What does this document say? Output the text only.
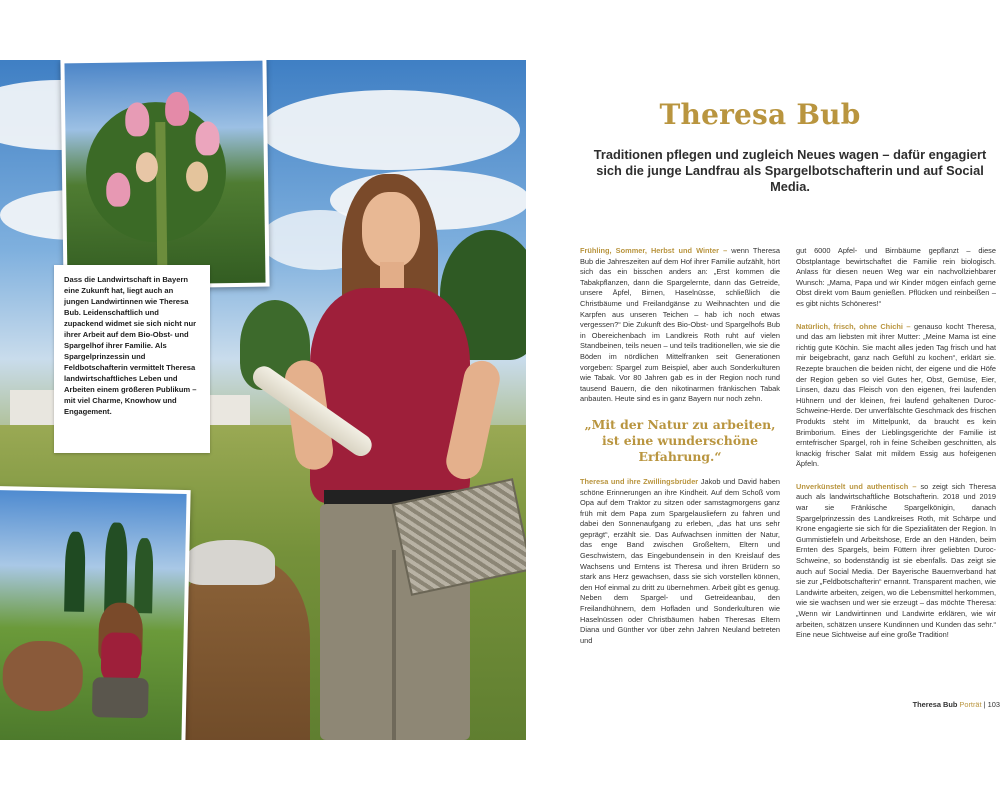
Dass die Landwirtschaft in Bayern eine Zukunft hat, liegt auch an jungen Landwirtinnen wie Theresa Bub. Leidenschaftlich und zupackend widmet sie sich nicht nur ihrer Arbeit auf dem Bio-Obst- und Spargelhof ihrer Familie. Als Spargelprinzessin und Feldbotschafterin vermittelt Theresa landwirtschaftliches Leben und Arbeiten einem größeren Publikum – mit viel Charme, Knowhow und Engagement.
Theresa Bub
Traditionen pflegen und zugleich Neues wagen – dafür engagiert sich die junge Landfrau als Spargelbotschafterin und auf Social Media.

Frühling, Sommer, Herbst und Winter – wenn Theresa Bub die Jahreszeiten auf dem Hof ihrer Familie aufzählt, hört sich das ein bisschen anders an: „Erst kommen die Tabakpflanzen, dann die Spargelernte, dann das Getreide, unsere Äpfel, Birnen, Haselnüsse, schließlich die Christbäume und Freilandgänse zu Weihnachten und die Karpfen aus unseren Teichen – hab ich noch etwas vergessen?“ Die Zukunft des Bio-Obst- und Spargelhofs Bub in Obereichenbach im Landkreis Roth ruht auf vielen Standbeinen, teils neuen – und teils traditionellen, wie sie die Böden im nördlichen Mittelfranken seit Generationen vorgeben: Spargel zum Beispiel, aber auch Sonderkulturen wie Tabak. Vor 80 Jahren gab es in der Region noch rund tausend Bauern, die den nikotinarmen fränkischen Tabak anbauten. Heute sind es in ganz Bayern nur noch zehn.

„Mit der Natur zu arbeiten, ist eine wunderschöne Erfahrung.“

Theresa und ihre Zwillingsbrüder Jakob und David haben schöne Erinnerungen an ihre Kindheit. Auf dem Schoß vom Opa auf dem Traktor zu sitzen oder samstagmorgens ganz früh mit dem Papa zum Spargelausliefern zu fahren und dabei den Sonnenaufgang zu erleben, „das hat uns sehr geprägt“, erzählt sie. Das Aufwachsen inmitten der Natur, das enge Band zwischen Großeltern, Eltern und Geschwistern, das Eingebundensein in den Kreislauf des Wachsens und Erntens ist Theresa und ihren Brüdern so stark ans Herz gewachsen, dass sie sich vorstellen können, den Hof einmal zu dritt zu übernehmen. Arbeit gibt es genug. Neben dem Spargel- und Getreideanbau, den Freilandhühnern, dem Hofladen und Sonderkulturen wie Haselnüssen oder Christbäumen haben Theresas Eltern Diana und Günther vor über zehn Jahren Neuland betreten und

gut 6000 Apfel- und Birnbäume gepflanzt – diese Obstplantage bewirtschaftet die Familie rein biologisch. Anlass für diesen neuen Weg war ein nachvollziehbarer Wunsch: „Mama, Papa und wir Kinder mögen einfach gerne Obst direkt vom Baum genießen. Pflücken und reinbeißen – es gibt nichts Schöneres!“

Natürlich, frisch, ohne Chichi – genauso kocht Theresa, und das am liebsten mit ihrer Mutter: „Meine Mama ist eine richtig gute Köchin. Sie macht alles jeden Tag frisch und hat mir beigebracht, ganz nach Gefühl zu kochen“, erklärt sie. Rezepte brauchen die beiden nicht, der eigene und die Höfe der Region geben so viel Gutes her, Obst, Gemüse, Eier, Linsen, dazu das Fleisch von den eigenen, frei laufenden Hühnern und der kleinen, frei laufend gehaltenen Duroc-Schweine-Herde. Der unverfälschte Geschmack des frischen Produkts steht im Mittelpunkt, da braucht es kein Brimborium. Eines der Lieblingsgerichte der Familie ist erntefrischer Spargel, roh in feine Scheiben geschnitten, als knackig frischer Salat mit mildem Essig aus hofeigenen Äpfeln.

Unverkünstelt und authentisch – so zeigt sich Theresa auch als landwirtschaftliche Botschafterin. 2018 und 2019 war sie Fränkische Spargelkönigin, danach Spargelprinzessin des Landkreises Roth, mit Schärpe und Krone engagierte sie sich für die Spezialitäten der Region. In Gummistiefeln und Arbeitshose, Erde an den Händen, beim Ernten des Spargels, beim Füttern ihrer geliebten Duroc-Schweine, so bodenständig ist sie ebenfalls. Das zeigt sie auch auf Social Media. Der Bayerische Bauernverband hat sie zur „Feldbotschafterin“ ernannt. Transparent machen, wie Landwirte arbeiten, zeigen, wo die Lebensmittel herkommen, wie sie wachsen und wer sie erzeugt – das möchte Theresa: „Wenn wir Landwirtinnen und Landwirte erklären, wie wir arbeiten, schätzen unsere Kundinnen und Kunden das sehr.“ Eine neue Sichtweise auf eine große Tradition!

Theresa Bub Porträt | 103
